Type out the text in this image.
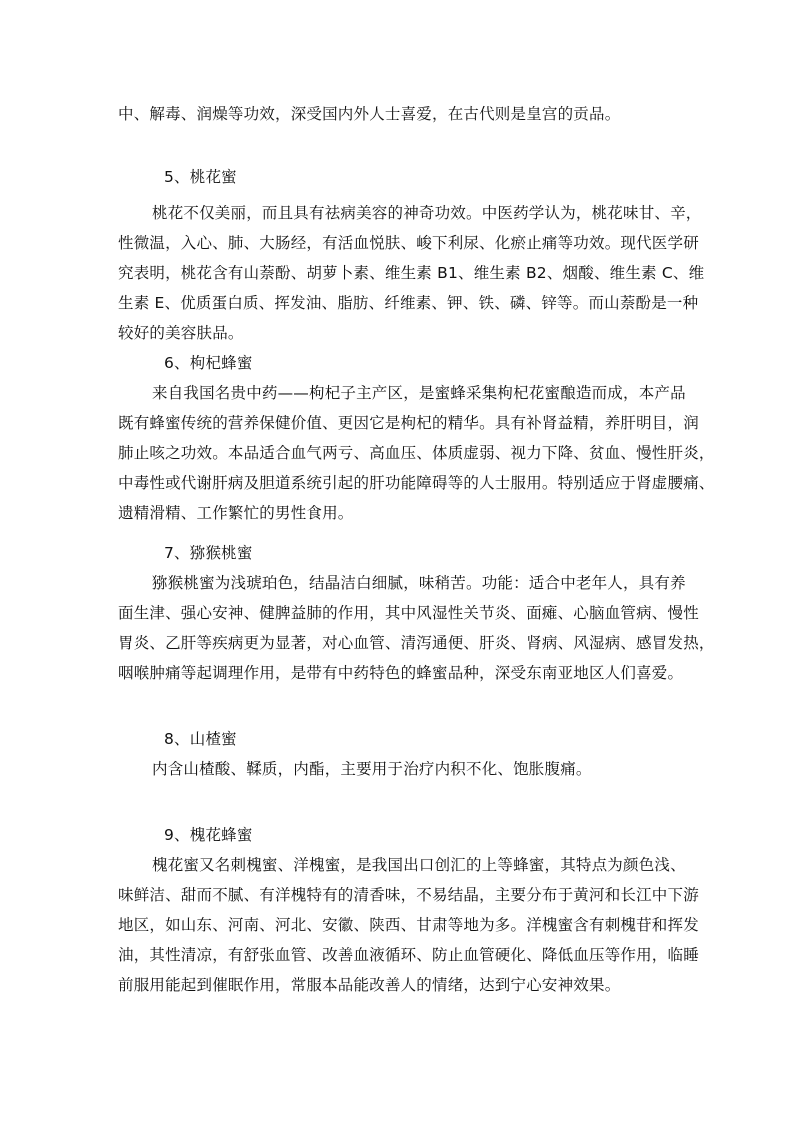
中、解毒、润燥等功效，深受国内外人士喜爱，在古代则是皇宫的贡品。
5、桃花蜜
桃花不仅美丽，而且具有祛病美容的神奇功效。中医药学认为，桃花味甘、辛，
性微温，入心、肺、大肠经，有活血悦肤、峻下利尿、化瘀止痛等功效。现代医学研
究表明，桃花含有山萘酚、胡萝卜素、维生素 B1、维生素 B2、烟酸、维生素 C、维
生素 E、优质蛋白质、挥发油、脂肪、纤维素、钾、铁、磷、锌等。而山萘酚是一种
较好的美容肤品。
6、枸杞蜂蜜
来自我国名贵中药——枸杞子主产区，是蜜蜂采集枸杞花蜜酿造而成，本产品
既有蜂蜜传统的营养保健价值、更因它是枸杞的精华。具有补肾益精，养肝明目，润
肺止咳之功效。本品适合血气两亏、高血压、体质虚弱、视力下降、贫血、慢性肝炎，
中毒性或代谢肝病及胆道系统引起的肝功能障碍等的人士服用。特别适应于肾虚腰痛、
遗精滑精、工作繁忙的男性食用。
7、猕猴桃蜜
猕猴桃蜜为浅琥珀色，结晶洁白细腻，味稍苦。功能：适合中老年人，具有养
面生津、强心安神、健脾益肺的作用，其中风湿性关节炎、面瘫、心脑血管病、慢性
胃炎、乙肝等疾病更为显著，对心血管、清泻通便、肝炎、肾病、风湿病、感冒发热，
咽喉肿痛等起调理作用，是带有中药特色的蜂蜜品种，深受东南亚地区人们喜爱。
8、山楂蜜
内含山楂酸、鞣质，内酯，主要用于治疗内积不化、饱胀腹痛。
9、槐花蜂蜜
槐花蜜又名刺槐蜜、洋槐蜜，是我国出口创汇的上等蜂蜜，其特点为颜色浅、
味鲜洁、甜而不腻、有洋槐特有的清香味，不易结晶，主要分布于黄河和长江中下游
地区，如山东、河南、河北、安徽、陕西、甘肃等地为多。洋槐蜜含有刺槐苷和挥发
油，其性清凉，有舒张血管、改善血液循环、防止血管硬化、降低血压等作用，临睡
前服用能起到催眠作用，常服本品能改善人的情绪，达到宁心安神效果。
